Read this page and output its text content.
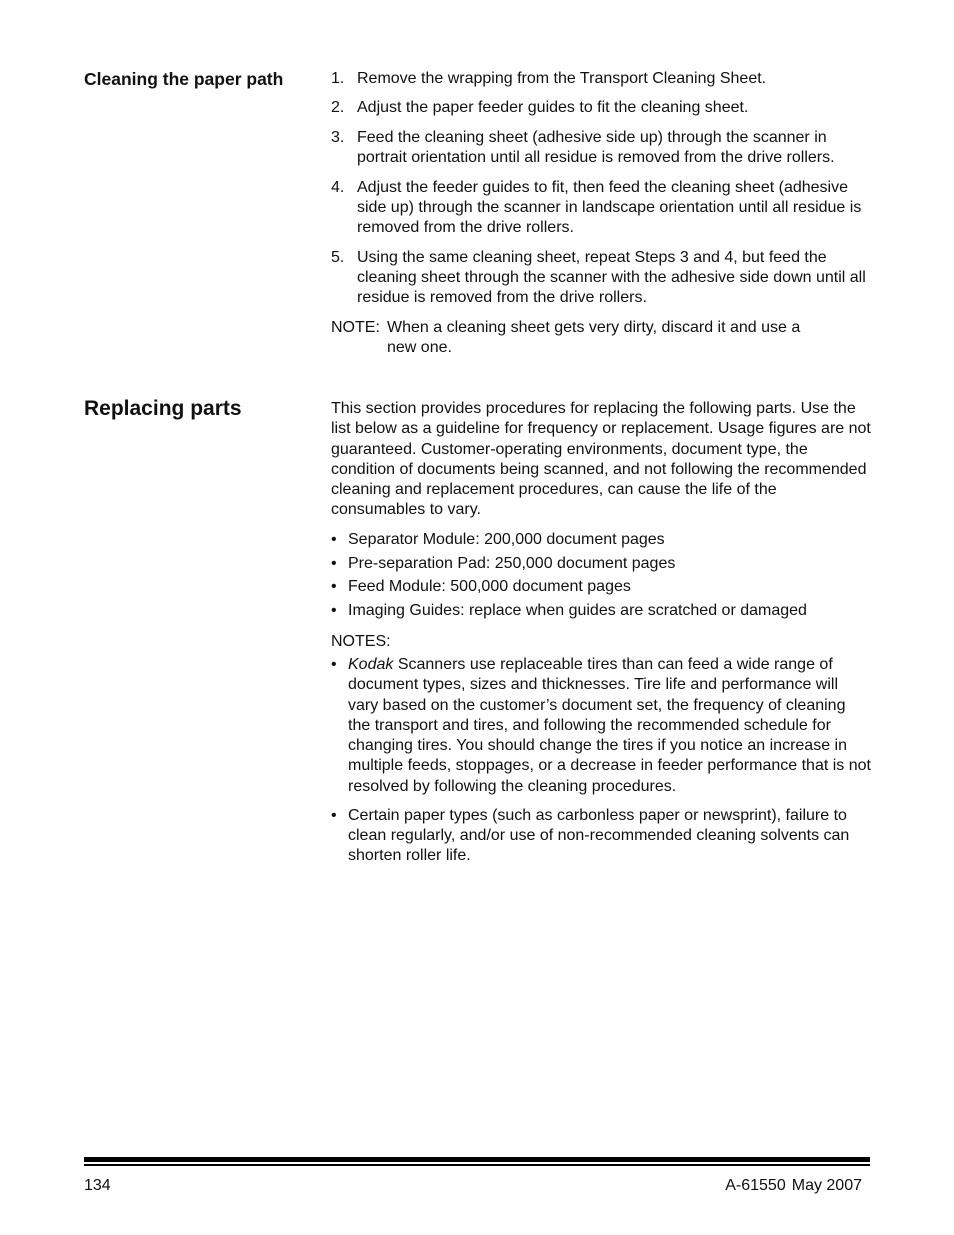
Cleaning the paper path	1. Remove the wrapping from the Transport Cleaning Sheet.
2. Adjust the paper feeder guides to fit the cleaning sheet.
3. Feed the cleaning sheet (adhesive side up) through the scanner in portrait orientation until all residue is removed from the drive rollers.
4. Adjust the feeder guides to fit, then feed the cleaning sheet (adhesive side up) through the scanner in landscape orientation until all residue is removed from the drive rollers.
5. Using the same cleaning sheet, repeat Steps 3 and 4, but feed the cleaning sheet through the scanner with the adhesive side down until all residue is removed from the drive rollers.

NOTE: When a cleaning sheet gets very dirty, discard it and use a
new one.

Replacing parts	This section provides procedures for replacing the following parts. Use the list below as a guideline for frequency or replacement. Usage figures are not guaranteed. Customer-operating environments, document type, the condition of documents being scanned, and not following the recommended cleaning and replacement procedures, can cause the life of the consumables to vary.

• Separator Module: 200,000 document pages
• Pre-separation Pad: 250,000 document pages
• Feed Module: 500,000 document pages
• Imaging Guides: replace when guides are scratched or damaged

NOTES:

• Kodak Scanners use replaceable tires than can feed a wide range of document types, sizes and thicknesses. Tire life and performance will vary based on the customer’s document set, the frequency of cleaning the transport and tires, and following the recommended schedule for changing tires. You should change the tires if you notice an increase in multiple feeds, stoppages, or a decrease in feeder performance that is not resolved by following the cleaning procedures.
• Certain paper types (such as carbonless paper or newsprint), failure to clean regularly, and/or use of non-recommended cleaning solvents can shorten roller life.
134	A-61550 May 2007
